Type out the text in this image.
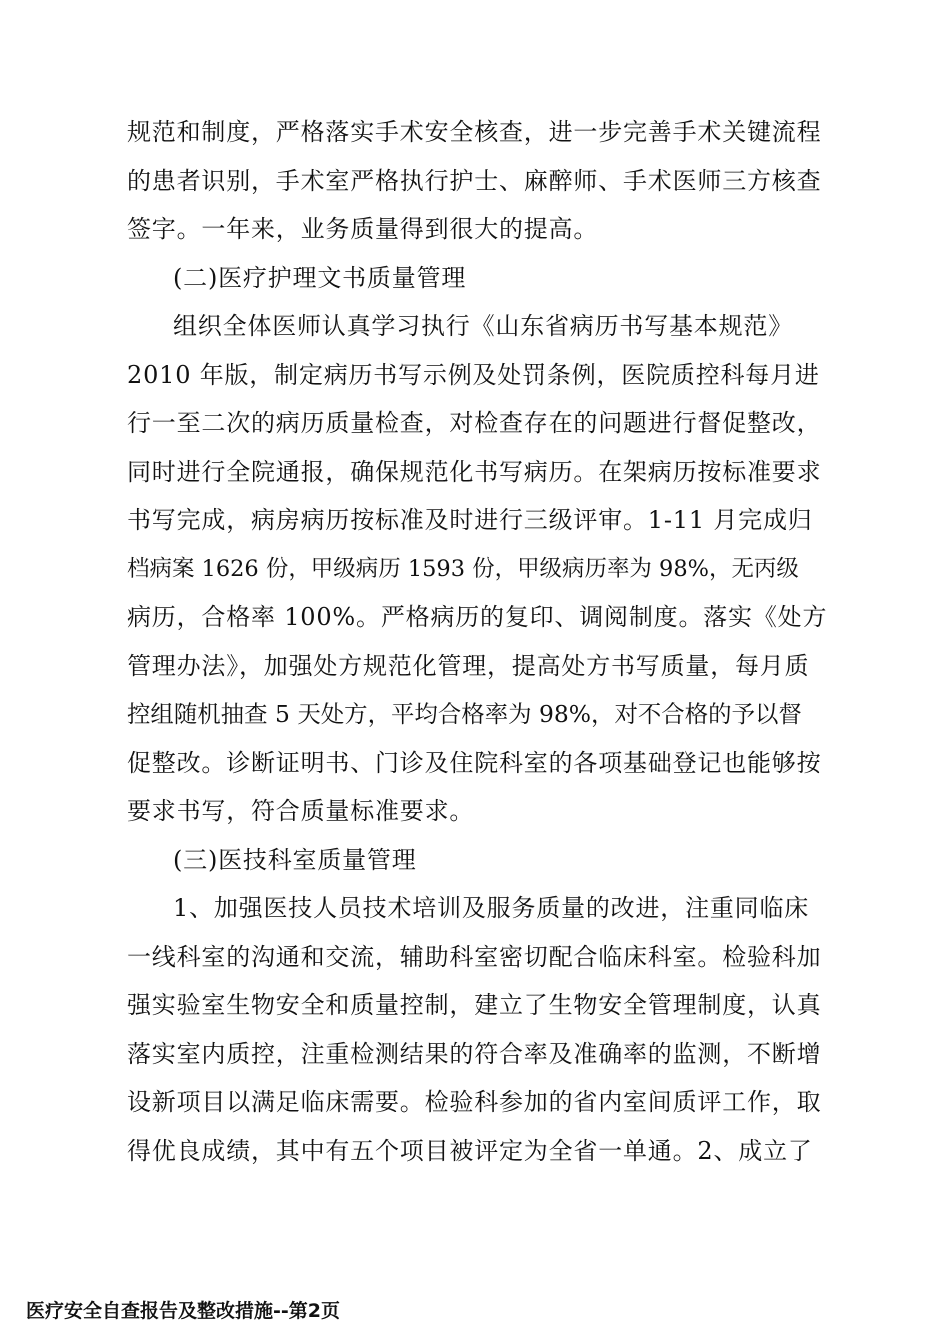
规范和制度，严格落实手术安全核查，进一步完善手术关键流程
的患者识别，手术室严格执行护士、麻醉师、手术医师三方核查
签字。一年来，业务质量得到很大的提高。
(二)医疗护理文书质量管理
组织全体医师认真学习执行《山东省病历书写基本规范》
2010 年版，制定病历书写示例及处罚条例，医院质控科每月进
行一至二次的病历质量检查，对检查存在的问题进行督促整改，
同时进行全院通报，确保规范化书写病历。在架病历按标准要求
书写完成，病房病历按标准及时进行三级评审。1-11 月完成归
档病案 1626 份，甲级病历 1593 份，甲级病历率为 98%，无丙级
病历，合格率 100%。严格病历的复印、调阅制度。落实《处方
管理办法》，加强处方规范化管理，提高处方书写质量，每月质
控组随机抽查 5 天处方，平均合格率为 98%，对不合格的予以督
促整改。诊断证明书、门诊及住院科室的各项基础登记也能够按
要求书写，符合质量标准要求。
(三)医技科室质量管理
1、加强医技人员技术培训及服务质量的改进，注重同临床
一线科室的沟通和交流，辅助科室密切配合临床科室。检验科加
强实验室生物安全和质量控制，建立了生物安全管理制度，认真
落实室内质控，注重检测结果的符合率及准确率的监测，不断增
设新项目以满足临床需要。检验科参加的省内室间质评工作，取
得优良成绩，其中有五个项目被评定为全省一单通。2、成立了
医疗安全自查报告及整改措施--第2页
